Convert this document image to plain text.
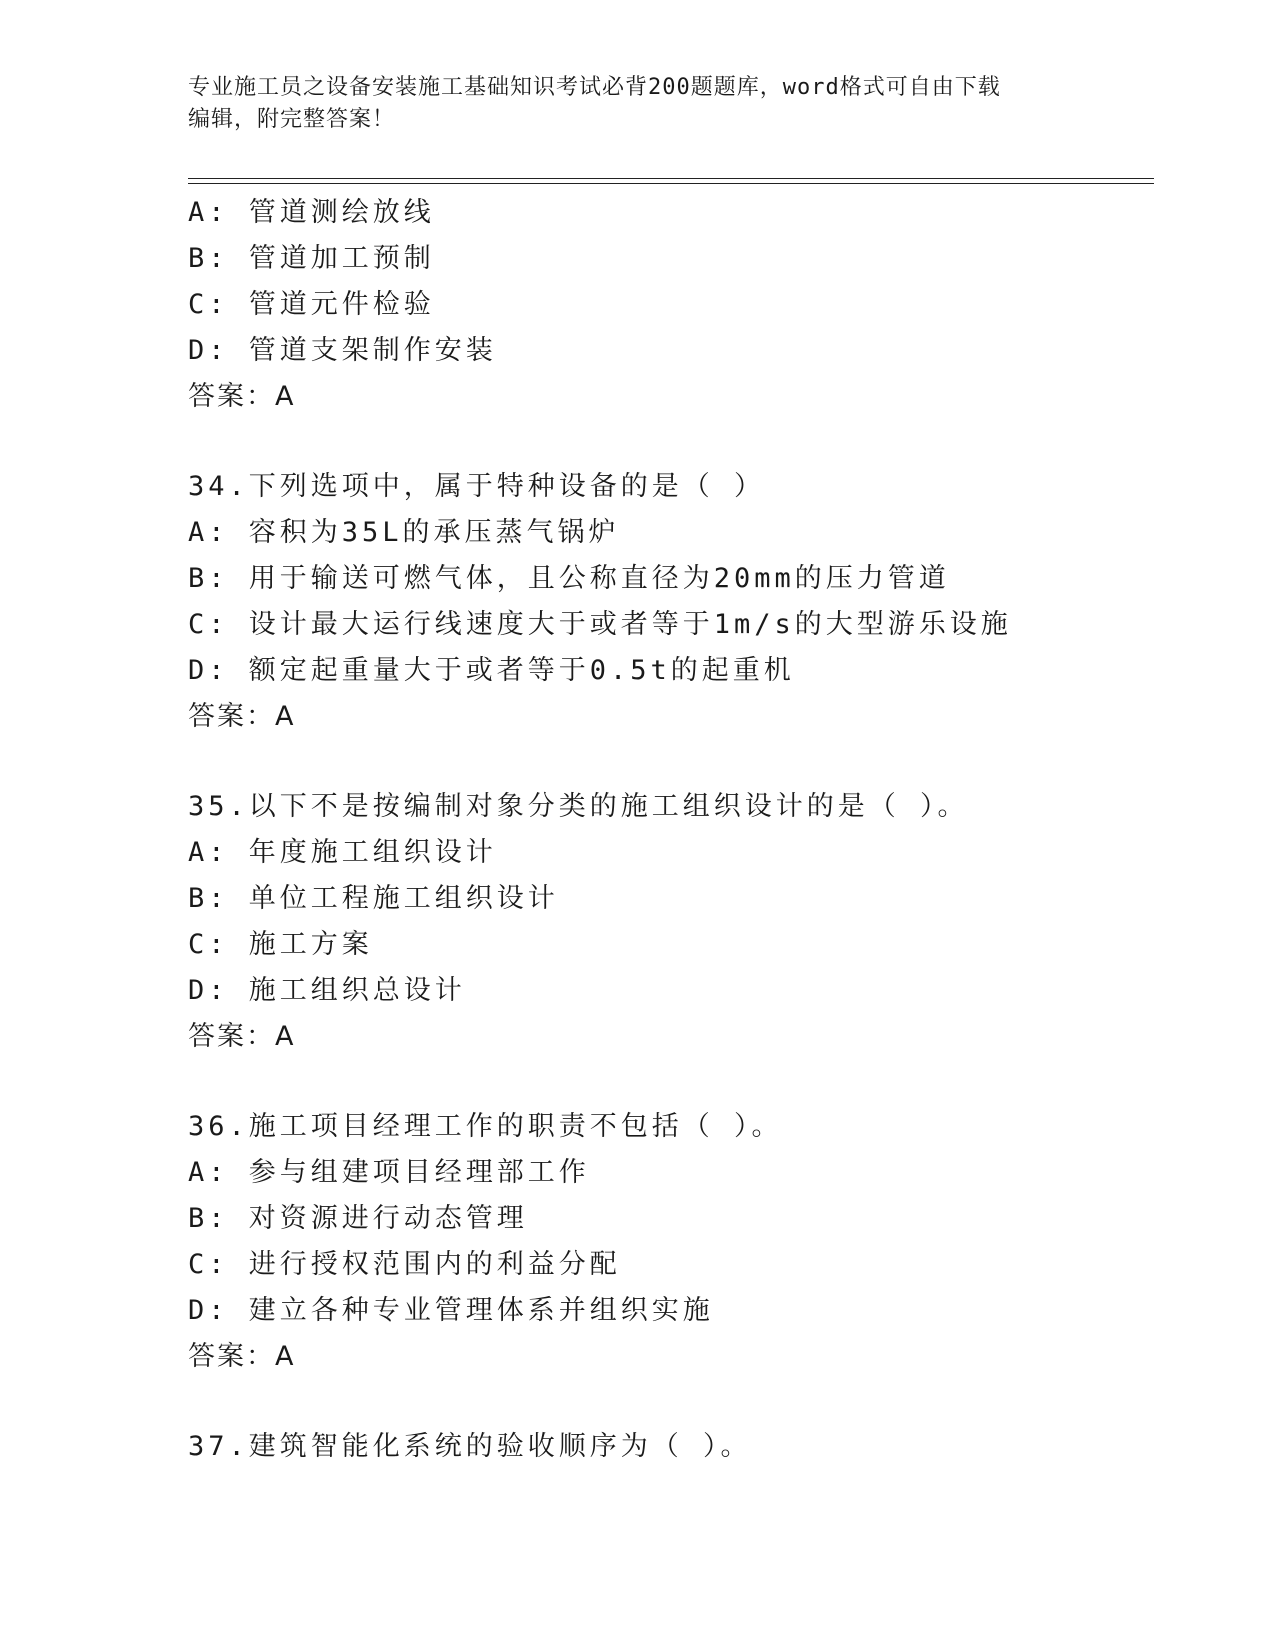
专业施工员之设备安装施工基础知识考试必背200题题库，word格式可自由下载
编辑，附完整答案！
A: 管道测绘放线
B: 管道加工预制
C: 管道元件检验
D: 管道支架制作安装
答案：A
34.下列选项中，属于特种设备的是（ ）
A: 容积为35L的承压蒸气锅炉
B: 用于输送可燃气体，且公称直径为20mm的压力管道
C: 设计最大运行线速度大于或者等于1m/s的大型游乐设施
D: 额定起重量大于或者等于0.5t的起重机
答案：A
35.以下不是按编制对象分类的施工组织设计的是（ ）。
A: 年度施工组织设计
B: 单位工程施工组织设计
C: 施工方案
D: 施工组织总设计
答案：A
36.施工项目经理工作的职责不包括（ ）。
A: 参与组建项目经理部工作
B: 对资源进行动态管理
C: 进行授权范围内的利益分配
D: 建立各种专业管理体系并组织实施
答案：A
37.建筑智能化系统的验收顺序为（ ）。
